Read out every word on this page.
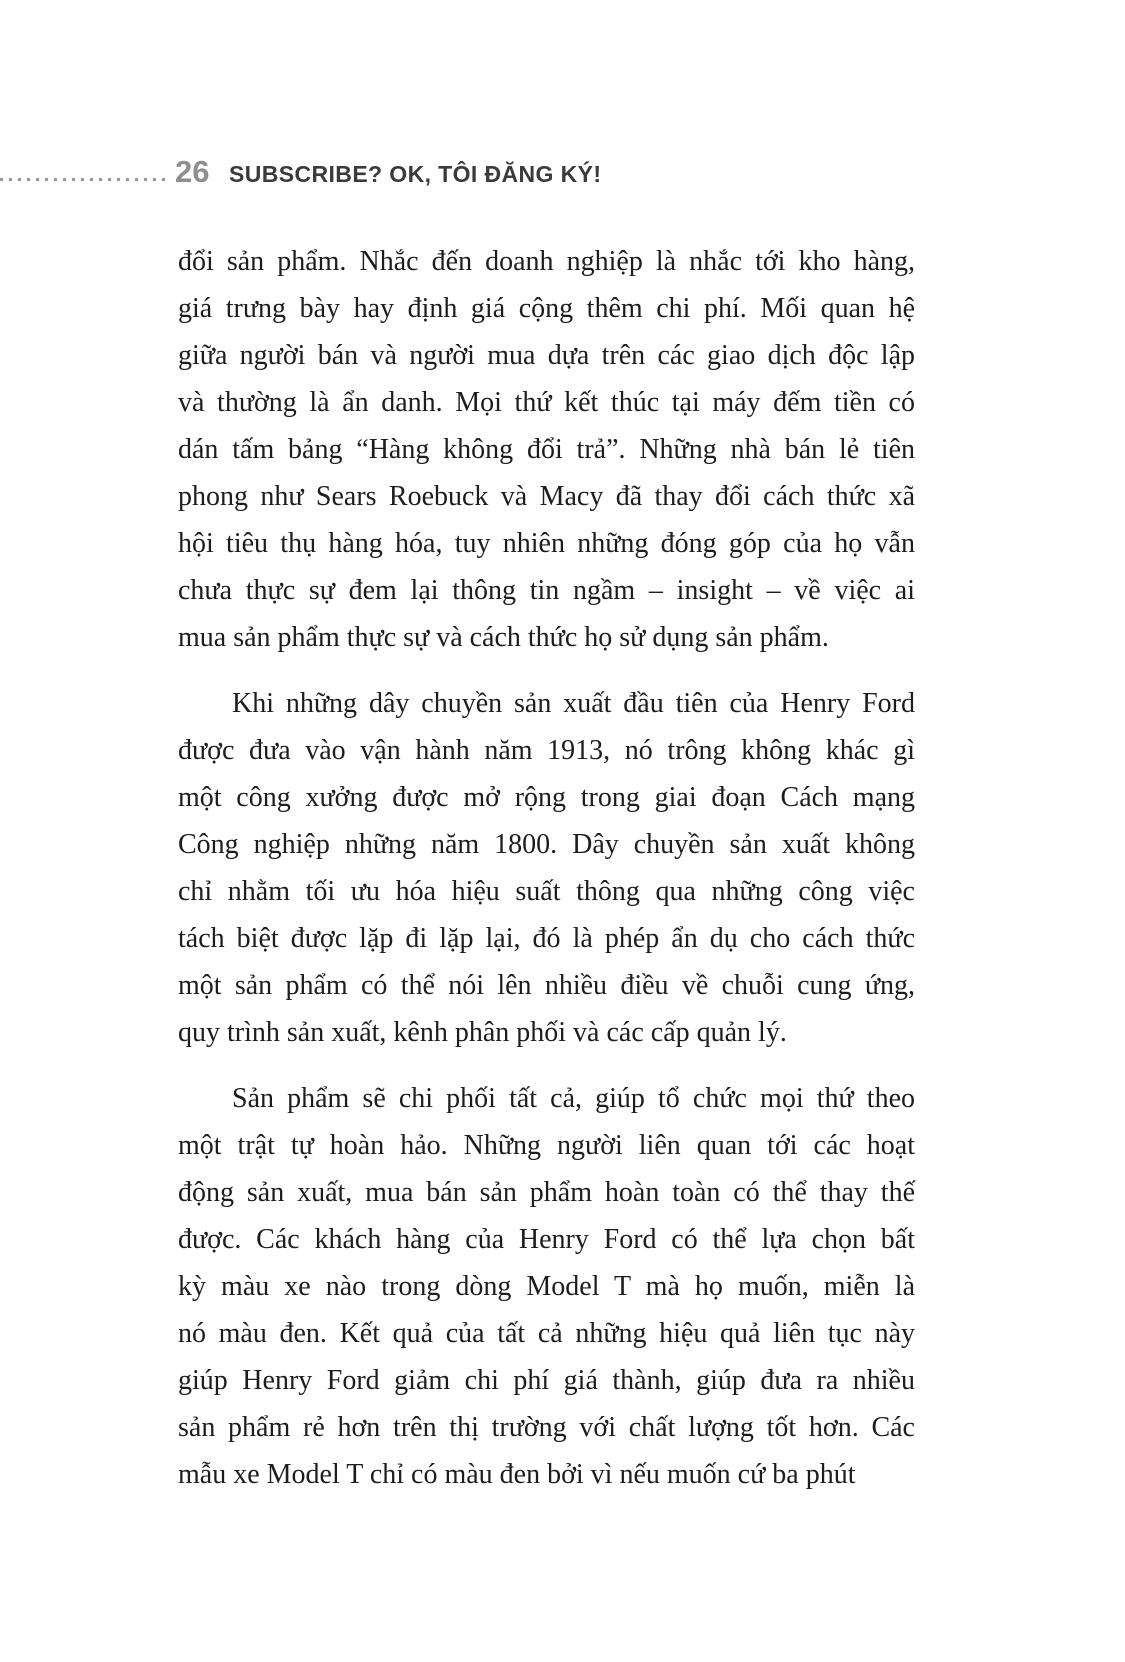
26 SUBSCRIBE? OK, TÔI ĐĂNG KÝ!
đổi sản phẩm. Nhắc đến doanh nghiệp là nhắc tới kho hàng,
giá trưng bày hay định giá cộng thêm chi phí. Mối quan hệ
giữa người bán và người mua dựa trên các giao dịch độc lập
và thường là ẩn danh. Mọi thứ kết thúc tại máy đếm tiền có
dán tấm bảng “Hàng không đổi trả”. Những nhà bán lẻ tiên
phong như Sears Roebuck và Macy đã thay đổi cách thức xã
hội tiêu thụ hàng hóa, tuy nhiên những đóng góp của họ vẫn
chưa thực sự đem lại thông tin ngầm – insight – về việc ai
mua sản phẩm thực sự và cách thức họ sử dụng sản phẩm.
Khi những dây chuyền sản xuất đầu tiên của Henry Ford
được đưa vào vận hành năm 1913, nó trông không khác gì
một công xưởng được mở rộng trong giai đoạn Cách mạng
Công nghiệp những năm 1800. Dây chuyền sản xuất không
chỉ nhằm tối ưu hóa hiệu suất thông qua những công việc
tách biệt được lặp đi lặp lại, đó là phép ẩn dụ cho cách thức
một sản phẩm có thể nói lên nhiều điều về chuỗi cung ứng,
quy trình sản xuất, kênh phân phối và các cấp quản lý.
Sản phẩm sẽ chi phối tất cả, giúp tổ chức mọi thứ theo
một trật tự hoàn hảo. Những người liên quan tới các hoạt
động sản xuất, mua bán sản phẩm hoàn toàn có thể thay thế
được. Các khách hàng của Henry Ford có thể lựa chọn bất
kỳ màu xe nào trong dòng Model T mà họ muốn, miễn là
nó màu đen. Kết quả của tất cả những hiệu quả liên tục này
giúp Henry Ford giảm chi phí giá thành, giúp đưa ra nhiều
sản phẩm rẻ hơn trên thị trường với chất lượng tốt hơn. Các
mẫu xe Model T chỉ có màu đen bởi vì nếu muốn cứ ba phút
